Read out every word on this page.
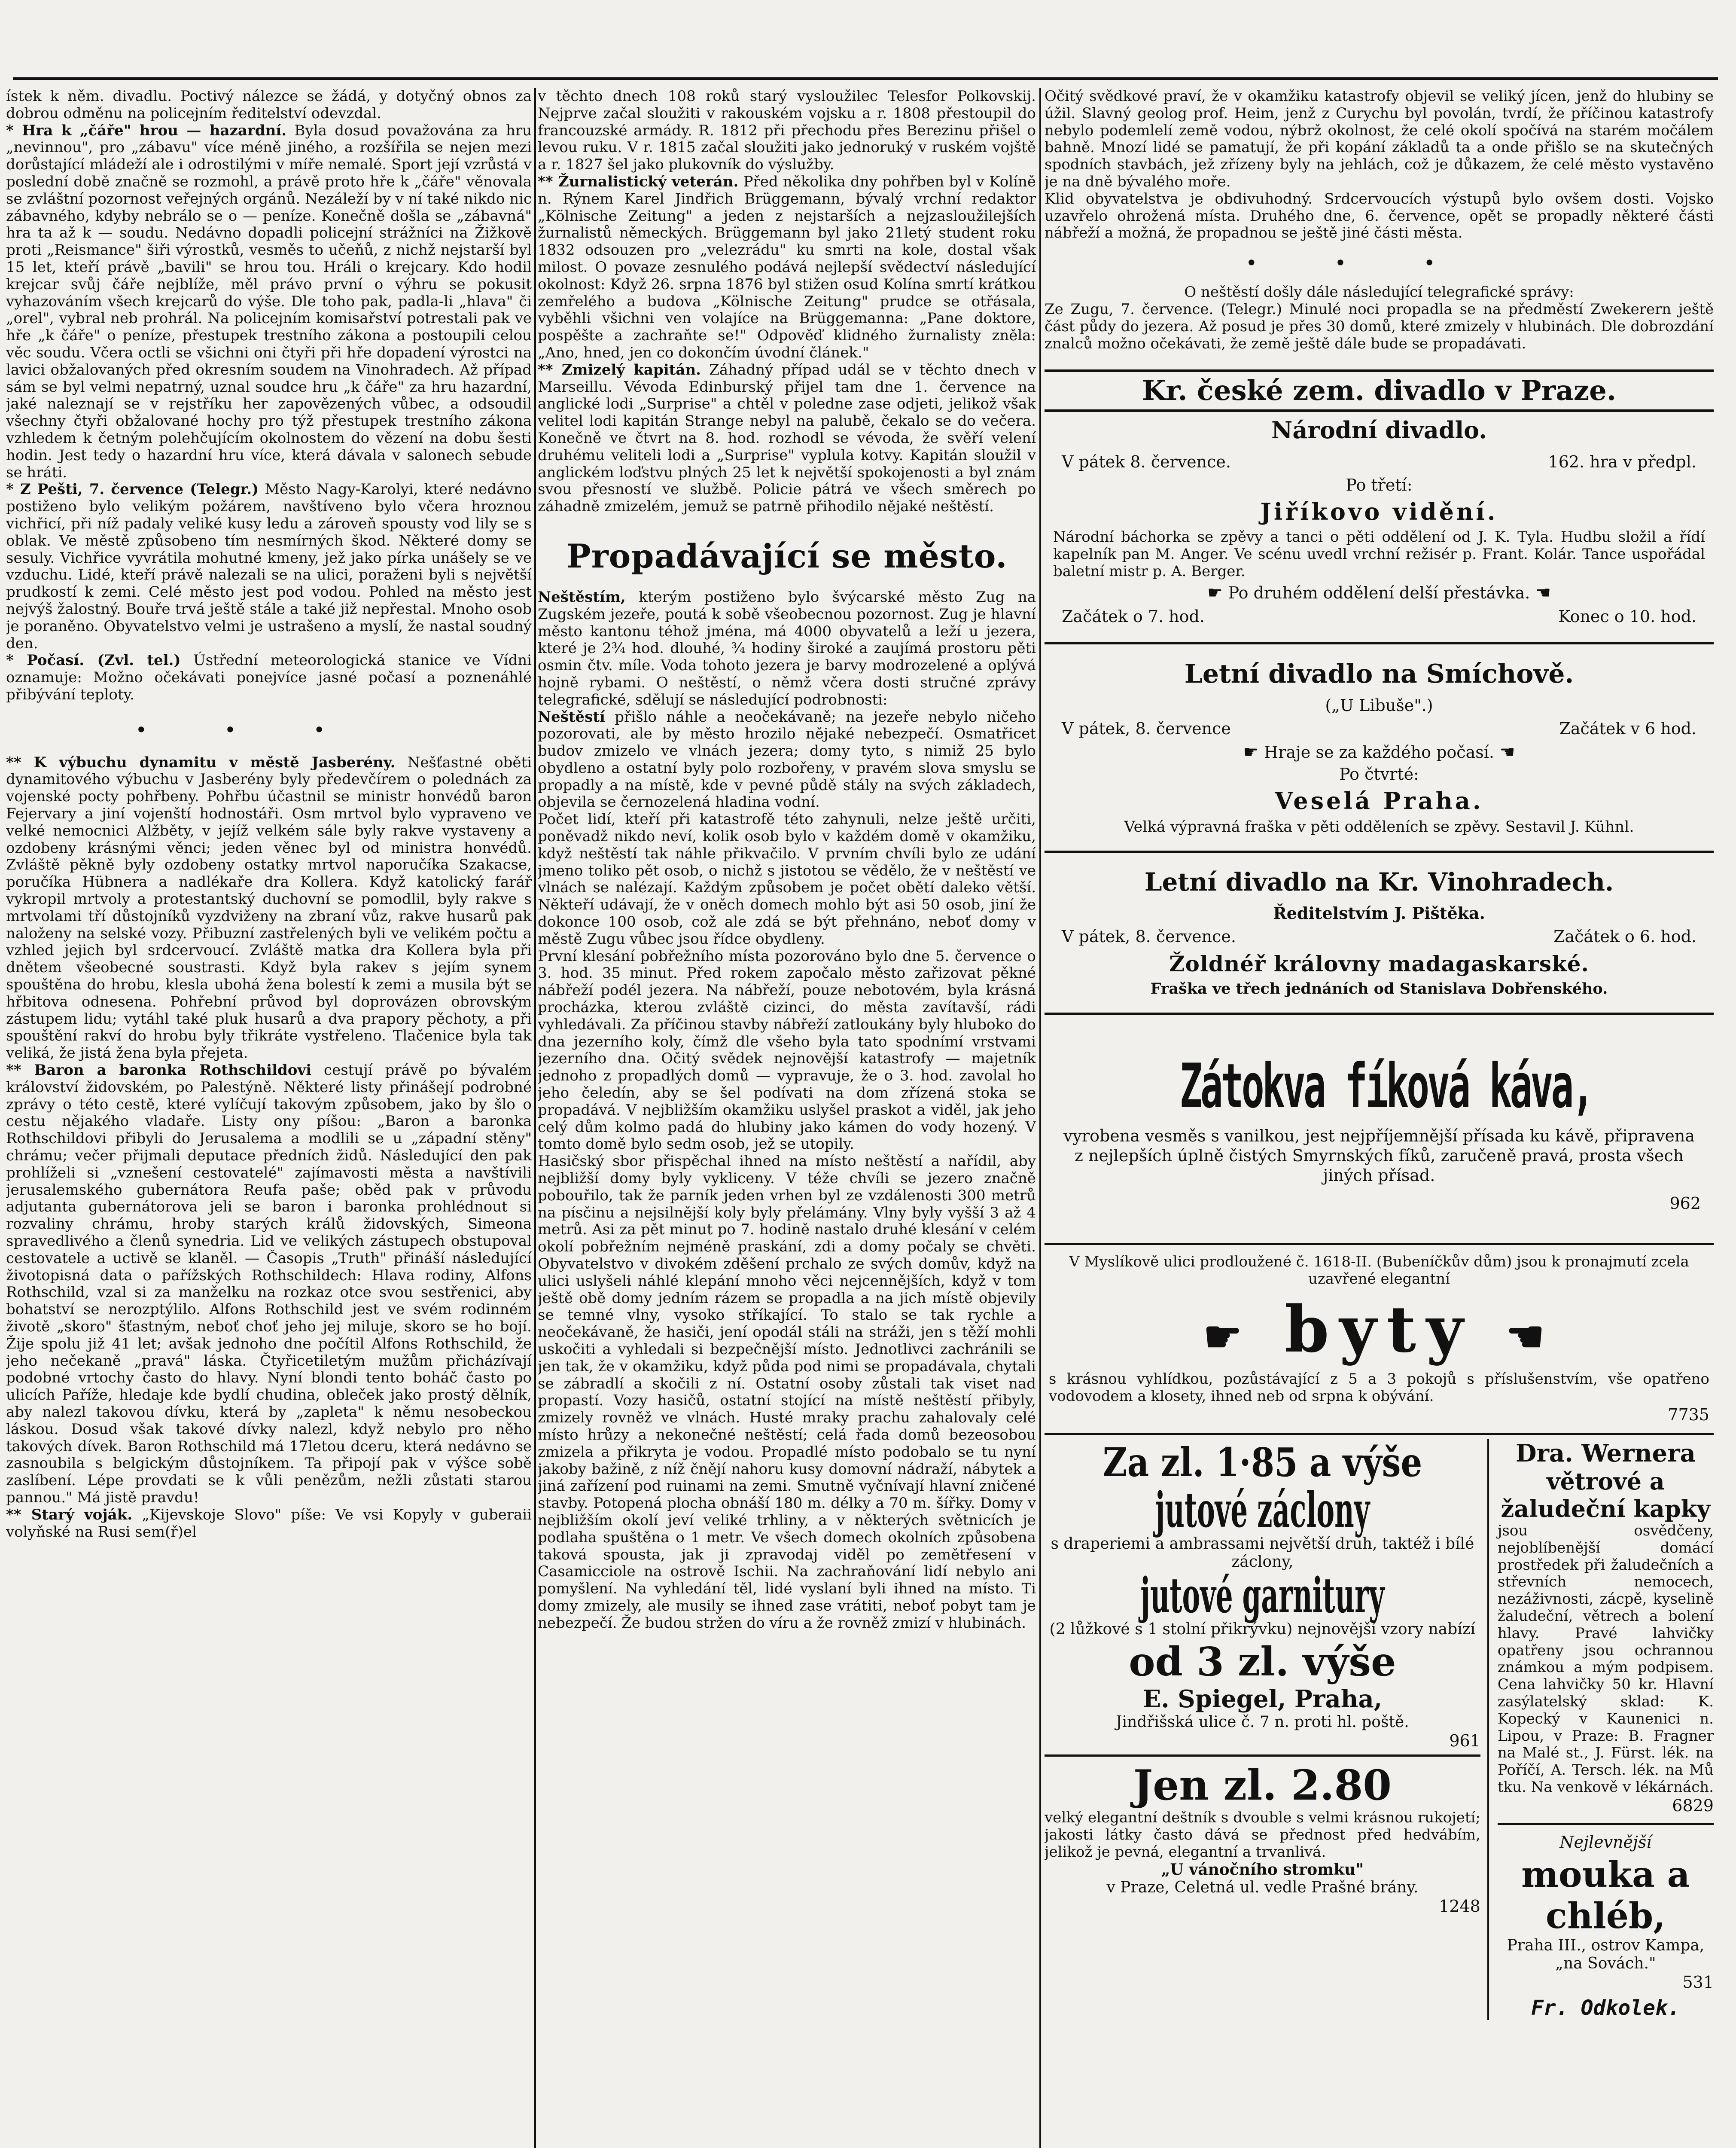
ístek k něm. divadlu. Poctivý nálezce se žádá, y dotyčný obnos za dobrou odměnu na policejním ředitelství odevzdal.

* Hra k „čáře" hrou — hazardní. Byla dosud považována za hru „nevinnou", pro „zábavu" více méně jiného, a rozšířila se nejen mezi dorůstající mládeží ale i odrostilými v míře nemalé. Sport její vzrůstá v poslední době značně se rozmohl, a právě proto hře k „čáře" věnovala se zvláštní pozornost veřejných orgánů. Nezáleží by v ní také nikdo nic zábavného, kdyby nebrálo se o — peníze. Konečně došla se „zábavná" hra ta až k — soudu. Nedávno dopadli policejní strážníci na Žižkově proti „Reismance" šiři výrostků, vesměs to učeňů, z nichž nejstarší byl 15 let, kteří právě „bavili" se hrou tou. Hráli o krejcary. Kdo hodil krejcar svůj čáře nejblíže, měl právo první o výhru se pokusit vyhazováním všech krejcarů do výše. Dle toho pak, padla-li „hlava" či „orel", vybral neb prohrál. Na policejním komisařství potrestali pak ve hře „k čáře" o peníze, přestupek trestního zákona a postoupili celou věc soudu. Včera octli se všichni oni čtyři při hře dopadení výrostci na lavici obžalovaných před okresním soudem na Vinohradech. Až případ sám se byl velmi nepatrný, uznal soudce hru „k čáře" za hru hazardní, jaké naleznají se v rejstříku her zapovězených vůbec, a odsoudil všechny čtyři obžalované hochy pro týž přestupek trestního zákona vzhledem k četným polehčujícím okolnostem do vězení na dobu šesti hodin. Jest tedy o hazardní hru více, která dávala v salonech sebude se hráti.

* Z Pešti, 7. července (Telegr.) Město Nagy-Karolyi, které nedávno postiženo bylo velikým požárem, navštíveno bylo včera hroznou vichřicí, při níž padaly veliké kusy ledu a zároveň spousty vod lily se s oblak. Ve městě způsobeno tím nesmírných škod. Některé domy se sesuly. Vichřice vyvrátila mohutné kmeny, jež jako pírka unášely se ve vzduchu. Lidé, kteří právě nalezali se na ulici, poraženi byli s největší prudkostí k zemi. Celé město jest pod vodou. Pohled na město jest nejvýš žalostný. Bouře trvá ještě stále a také již nepřestal. Mnoho osob je poraněno. Obyvatelstvo velmi je ustrašeno a myslí, že nastal soudný den.

* Počasí. (Zvl. tel.) Ústřední meteorologická stanice ve Vídni oznamuje: Možno očekávati ponejvíce jasné počasí a poznenáhlé přibývání teploty.

•••

** K výbuchu dynamitu v městě Jasberény. Nešťastné oběti dynamitového výbuchu v Jasberény byly předevčírem o polednách za vojenské pocty pohřbeny. Pohřbu účastnil se ministr honvédů baron Fejervary a jiní vojenští hodnostáři. Osm mrtvol bylo vypraveno ve velké nemocnici Alžběty, v jejíž velkém sále byly rakve vystaveny a ozdobeny krásnými věnci; jeden věnec byl od ministra honvédů. Zvláště pěkně byly ozdobeny ostatky mrtvol naporučíka Szakacse, poručíka Hübnera a nadlékaře dra Kollera. Když katolický farář vykropil mrtvoly a protestantský duchovní se pomodlil, byly rakve s mrtvolami tří důstojníků vyzdviženy na zbraní vůz, rakve husarů pak naloženy na selské vozy. Přibuzní zastřelených byli ve velikém počtu a vzhled jejich byl srdcervoucí. Zvláště matka dra Kollera byla při dnětem všeobecné soustrasti. Když byla rakev s jejím synem spouštěna do hrobu, klesla ubohá žena bolestí k zemi a musila být se hřbitova odnesena. Pohřební průvod byl doprovázen obrovským zástupem lidu; vytáhl také pluk husarů a dva prapory pěchoty, a při spouštění rakví do hrobu byly třikráte vystřeleno. Tlačenice byla tak veliká, že jistá žena byla přejeta.

** Baron a baronka Rothschildovi cestují právě po bývalém království židovském, po Palestýně. Některé listy přinášejí podrobné zprávy o této cestě, které vylíčují takovým způsobem, jako by šlo o cestu nějakého vladaře. Listy ony píšou: „Baron a baronka Rothschildovi přibyli do Jerusalema a modlili se u „západní stěny" chrámu; večer přijmali deputace předních židů. Následující den pak prohlíželi si „vznešení cestovatelé" zajímavosti města a navštívili jerusalemského gubernátora Reufa paše; oběd pak v průvodu adjutanta gubernátorova jeli se baron i baronka prohlédnout si rozvaliny chrámu, hroby starých králů židovských, Simeona spravedlivého a členů synedria. Lid ve velikých zástupech obstupoval cestovatele a uctivě se klaněl. — Časopis „Truth" přináší následující životopisná data o pařížských Rothschildech: Hlava rodiny, Alfons Rothschild, vzal si za manželku na rozkaz otce svou sestřenici, aby bohatství se nerozptýlilo. Alfons Rothschild jest ve svém rodinném životě „skoro" šťastným, neboť choť jeho jej miluje, skoro se ho bojí. Žije spolu již 41 let; avšak jednoho dne počítil Alfons Rothschild, že jeho nečekaně „pravá" láska. Čtyřicetiletým mužům přicházívají podobné vrtochy často do hlavy. Nyní blondi tento boháč často po ulicích Paříže, hledaje kde bydlí chudina, obleček jako prostý dělník, aby nalezl takovou dívku, která by „zapleta" k němu nesobeckou láskou. Dosud však takové dívky nalezl, když nebylo pro něho takových dívek. Baron Rothschild má 17letou dceru, která nedávno se zasnoubila s belgickým důstojníkem. Ta připojí pak v výšce sobě zaslíbení. Lépe provdati se k vůli penězům, nežli zůstati starou pannou." Má jistě pravdu!

** Starý voják. „Kijevskoje Slovo" píše: Ve vsi Kopyly v guberaii volyňské na Rusi sem(ř)el

v těchto dnech 108 roků starý vysloužilec Telesfor Polkovskij. Nejprve začal sloužiti v rakouském vojsku a r. 1808 přestoupil do francouzské armády. R. 1812 při přechodu přes Berezinu přišel o levou ruku. V r. 1815 začal sloužiti jako jednoruký v ruském vojště a r. 1827 šel jako plukovník do výslužby.

** Žurnalistický veterán. Před několika dny pohřben byl v Kolíně n. Rýnem Karel Jindřich Brüggemann, bývalý vrchní redaktor „Kölnische Zeitung" a jeden z nejstarších a nejzasloužilejších žurnalistů německých. Brüggemann byl jako 21letý student roku 1832 odsouzen pro „velezrádu" ku smrti na kole, dostal však milost. O povaze zesnulého podává nejlepší svědectví následující okolnost: Když 26. srpna 1876 byl stižen osud Kolína smrtí krátkou zemřelého a budova „Kölnische Zeitung" prudce se otřásala, vyběhli všichni ven volajíce na Brüggemanna: „Pane doktore, pospěšte a zachraňte se!" Odpověď klidného žurnalisty zněla: „Ano, hned, jen co dokončím úvodní článek."

** Zmizelý kapitán. Záhadný případ udál se v těchto dnech v Marseillu. Vévoda Edinburský přijel tam dne 1. července na anglické lodi „Surprise" a chtěl v poledne zase odjeti, jelikož však velitel lodi kapitán Strange nebyl na palubě, čekalo se do večera. Konečně ve čtvrt na 8. hod. rozhodl se vévoda, že svěří velení druhému veliteli lodi a „Surprise" vyplula kotvy. Kapitán sloužil v anglickém loďstvu plných 25 let k největší spokojenosti a byl znám svou přesností ve službě. Policie pátrá ve všech směrech po záhadně zmizelém, jemuž se patrně přihodilo nějaké neštěstí.

Propadávající se město.

Neštěstím, kterým postiženo bylo švýcarské město Zug na Zugském jezeře, poutá k sobě všeobecnou pozornost. Zug je hlavní město kantonu téhož jména, má 4000 obyvatelů a leží u jezera, které je 2¾ hod. dlouhé, ¾ hodiny široké a zaujímá prostoru pěti osmin čtv. míle. Voda tohoto jezera je barvy modrozelené a oplývá hojně rybami. O neštěstí, o němž včera dosti stručné zprávy telegrafické, sdělují se následující podrobnosti:

Neštěstí přišlo náhle a neočekávaně; na jezeře nebylo ničeho pozorovati, ale by město hrozilo nějaké nebezpečí. Osmatřicet budov zmizelo ve vlnách jezera; domy tyto, s nimiž 25 bylo obydleno a ostatní byly polo rozbořeny, v pravém slova smyslu se propadly a na místě, kde v pevné půdě stály na svých základech, objevila se černozelená hladina vodní.

Počet lidí, kteří při katastrofě této zahynuli, nelze ještě určiti, poněvadž nikdo neví, kolik osob bylo v každém domě v okamžiku, když neštěstí tak náhle přikvačilo. V prvním chvíli bylo ze udání jmeno toliko pět osob, o nichž s jistotou se vědělo, že v neštěstí ve vlnách se nalézají. Každým způsobem je počet obětí daleko větší. Někteří udávají, že v oněch domech mohlo být asi 50 osob, jiní že dokonce 100 osob, což ale zdá se být přehnáno, neboť domy v městě Zugu vůbec jsou řídce obydleny.

První klesání pobřežního místa pozorováno bylo dne 5. července o 3. hod. 35 minut. Před rokem započalo město zařizovat pěkné nábřeží podél jezera. Na nábřeží, pouze nebotovém, byla krásná procházka, kterou zvláště cizinci, do města zavítavší, rádi vyhledávali. Za příčinou stavby nábřeží zatloukány byly hluboko do dna jezerního koly, čímž dle všeho byla tato spodnímí vrstvami jezerního dna. Očitý svědek nejnovější katastrofy — majetník jednoho z propadlých domů — vypravuje, že o 3. hod. zavolal ho jeho čeledín, aby se šel podívati na dom zřízená stoka se propadává. V nejbližším okamžiku uslyšel praskot a viděl, jak jeho celý dům kolmo padá do hlubiny jako kámen do vody hozený. V tomto domě bylo sedm osob, jež se utopily.

Hasičský sbor přispěchal ihned na místo neštěstí a nařídil, aby nejbližší domy byly vykliceny. V téže chvíli se jezero značně pobouřilo, tak že parník jeden vrhen byl ze vzdálenosti 300 metrů na písčinu a nejsilnější koly byly přelámány. Vlny byly vyšší 3 až 4 metrů. Asi za pět minut po 7. hodině nastalo druhé klesání v celém okolí pobřežním nejméně praskání, zdi a domy počaly se chvěti. Obyvatelstvo v divokém zděšení prchalo ze svých domův, když na ulici uslyšeli náhlé klepání mnoho věci nejcennějších, když v tom ještě obě domy jedním rázem se propadla a na jich místě objevily se temné vlny, vysoko stříkající. To stalo se tak rychle a neočekávaně, že hasiči, jení opodál stáli na stráži, jen s těží mohli uskočiti a vyhledali si bezpečnější místo. Jednotlivci zachránili se jen tak, že v okamžiku, když půda pod nimi se propadávala, chytali se zábradlí a skočili z ní. Ostatní osoby zůstali tak viset nad propastí. Vozy hasičů, ostatní stojící na místě neštěstí přibyly, zmizely rovněž ve vlnách. Husté mraky prachu zahalovaly celé místo hrůzy a nekonečné neštěstí; celá řada domů bezeosobou zmizela a přikryta je vodou. Propadlé místo podobalo se tu nyní jakoby bažině, z níž čnějí nahoru kusy domovní nádraží, nábytek a jiná zařízení pod ruinami na zemi. Smutně vyčnívají hlavní zničené stavby. Potopená plocha obnáší 180 m. délky a 70 m. šířky. Domy v nejbližším okolí jeví veliké trhliny, a v některých světnicích je podlaha spuštěna o 1 metr. Ve všech domech okolních způsobena taková spousta, jak ji zpravodaj viděl po zemětřesení v Casamicciole na ostrově Ischii. Na zachraňování lidí nebylo ani pomyšlení. Na vyhledání těl, lidé vyslaní byli ihned na místo. Ti domy zmizely, ale musily se ihned zase vrátiti, neboť pobyt tam je nebezpečí. Že budou stržen do víru a že rovněž zmizí v hlubinách.

Očitý svědkové praví, že v okamžiku katastrofy objevil se veliký jícen, jenž do hlubiny se úžil. Slavný geolog prof. Heim, jenž z Curychu byl povolán, tvrdí, že příčinou katastrofy nebylo podemlelí země vodou, nýbrž okolnost, že celé okolí spočívá na starém močálem bahně. Mnozí lidé se pamatují, že při kopání základů ta a onde přišlo se na skutečných spodních stavbách, jež zřízeny byly na jehlách, což je důkazem, že celé město vystavěno je na dně bývalého moře.

Klid obyvatelstva je obdivuhodný. Srdcervoucích výstupů bylo ovšem dosti. Vojsko uzavřelo ohrožená místa. Druhého dne, 6. července, opět se propadly některé části nábřeží a možná, že propadnou se ještě jiné části města.

•••

O neštěstí došly dále následující telegrafické správy:

Ze Zugu, 7. července. (Telegr.) Minulé noci propadla se na předměstí Zwekerern ještě část půdy do jezera. Až posud je přes 30 domů, které zmizely v hlubinách. Dle dobrozdání znalců možno očekávati, že země ještě dále bude se propadávati.

Kr. české zem. divadlo v Praze.
Národní divadlo.
V pátek 8. července.	162. hra v předpl.
Po třetí:
Jiříkovo vidění.

Národní báchorka se zpěvy a tanci o pěti oddělení od J. K. Tyla. Hudbu složil a řídí kapelník pan M. Anger. Ve scénu uvedl vrchní režisér p. Frant. Kolár. Tance uspořádal baletní mistr p. A. Berger.

☛ Po druhém oddělení delší přestávka. ☚
Začátek o 7. hod.	Konec o 10. hod.
Letní divadlo na Smíchově.
(„U Libuše".)
V pátek, 8. července	Začátek v 6 hod.
☛ Hraje se za každého počasí. ☚
Po čtvrté:
Veselá Praha.
Velká výpravná fraška v pěti odděleních se zpěvy. Sestavil J. Kühnl.
Letní divadlo na Kr. Vinohradech.
Ředitelstvím J. Pištěka.
V pátek, 8. července.	Začátek o 6. hod.
Žoldnéř královny madagaskarské.
Fraška ve třech jednáních od Stanislava Dobřenského.
Zátokva fíková káva,
vyrobena vesměs s vanilkou, jest nejpříjemnější přísada ku kávě, připravena z nejlepších úplně čistých Smyrnských fíků, zaručeně pravá, prosta všech jiných přísad.
962

V Myslíkově ulici prodloužené č. 1618-II. (Bubeníčkův dům) jsou k pronajmutí zcela uzavřené elegantní

☛ byty ☚

s krásnou vyhlídkou, pozůstávající z 5 a 3 pokojů s příslušenstvím, vše opatřeno vodovodem a klosety, ihned neb od srpna k obývání.

7735
Za zl. 1·85 a výše
jutové záclony
s draperiemi a ambrassami největší druh, taktéž i bílé záclony,
jutové garnitury
(2 lůžkové s 1 stolní přikrývku) nejnovější vzory nabízí
od 3 zl. výše
E. Spiegel, Praha,
Jindřišská ulice č. 7 n. proti hl. poště.
961
Jen zl. 2.80

velký elegantní deštník s dvouble s velmi krásnou rukojetí; jakosti látky často dává se přednost před hedvábím, jelikož je pevná, elegantní a trvanlivá.

„U vánočního stromku"
v Praze, Celetná ul. vedle Prašné brány.
1248
Dra. Wernera
větrové a žaludeční kapky

jsou osvědčeny, nejoblíbenější domácí prostředek při žaludečních a střevních nemocech, nezáživnosti, zácpě, kyselině žaludeční, větrech a bolení hlavy. Pravé lahvičky opatřeny jsou ochrannou známkou a mým podpisem. Cena lahvičky 50 kr. Hlavní zasýlatelský sklad: K. Kopecký v Kaunenici n. Lipou, v Praze: B. Fragner na Malé st., J. Fürst. lék. na Poříčí, A. Tersch. lék. na Mů tku. Na venkově v lékárnách.

6829
Nejlevnější
mouka a chléb,
Praha III., ostrov Kampa, „na Sovách."
531
Fr. Odkolek.
